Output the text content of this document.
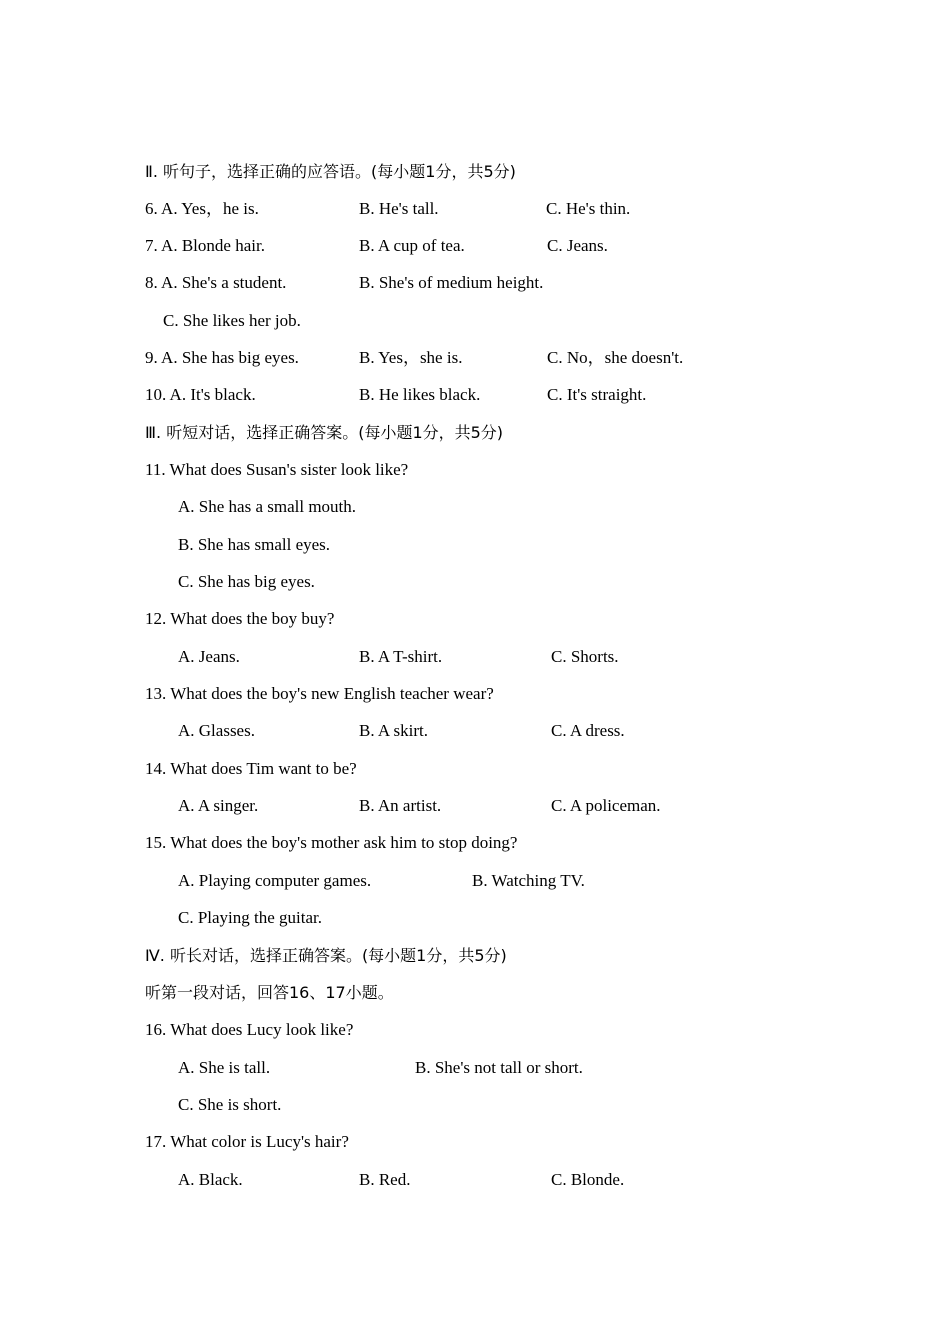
Ⅱ. 听句子，选择正确的应答语。(每小题1分，共5分)
6. A. Yes，he is.	B. He's tall.	C. He's thin.
7. A. Blonde hair.	B. A cup of tea.	C. Jeans.
8. A. She's a student.	B. She's of medium height.
C. She likes her job.
9. A. She has big eyes.	B. Yes，she is.	C. No，she doesn't.
10. A. It's black.	B. He likes black.	C. It's straight.
Ⅲ. 听短对话，选择正确答案。(每小题1分，共5分)
11. What does Susan's sister look like?
A. She has a small mouth.
B. She has small eyes.
C. She has big eyes.
12. What does the boy buy?
A. Jeans.	B. A T-shirt.	C. Shorts.
13. What does the boy's new English teacher wear?
A. Glasses.	B. A skirt.	C. A dress.
14. What does Tim want to be?
A. A singer.	B. An artist.	C. A policeman.
15. What does the boy's mother ask him to stop doing?
A. Playing computer games.	B. Watching TV.
C. Playing the guitar.
Ⅳ. 听长对话，选择正确答案。(每小题1分，共5分)
听第一段对话，回答16、17小题。
16. What does Lucy look like?
A. She is tall.	B. She's not tall or short.
C. She is short.
17. What color is Lucy's hair?
A. Black.	B. Red.	C. Blonde.
